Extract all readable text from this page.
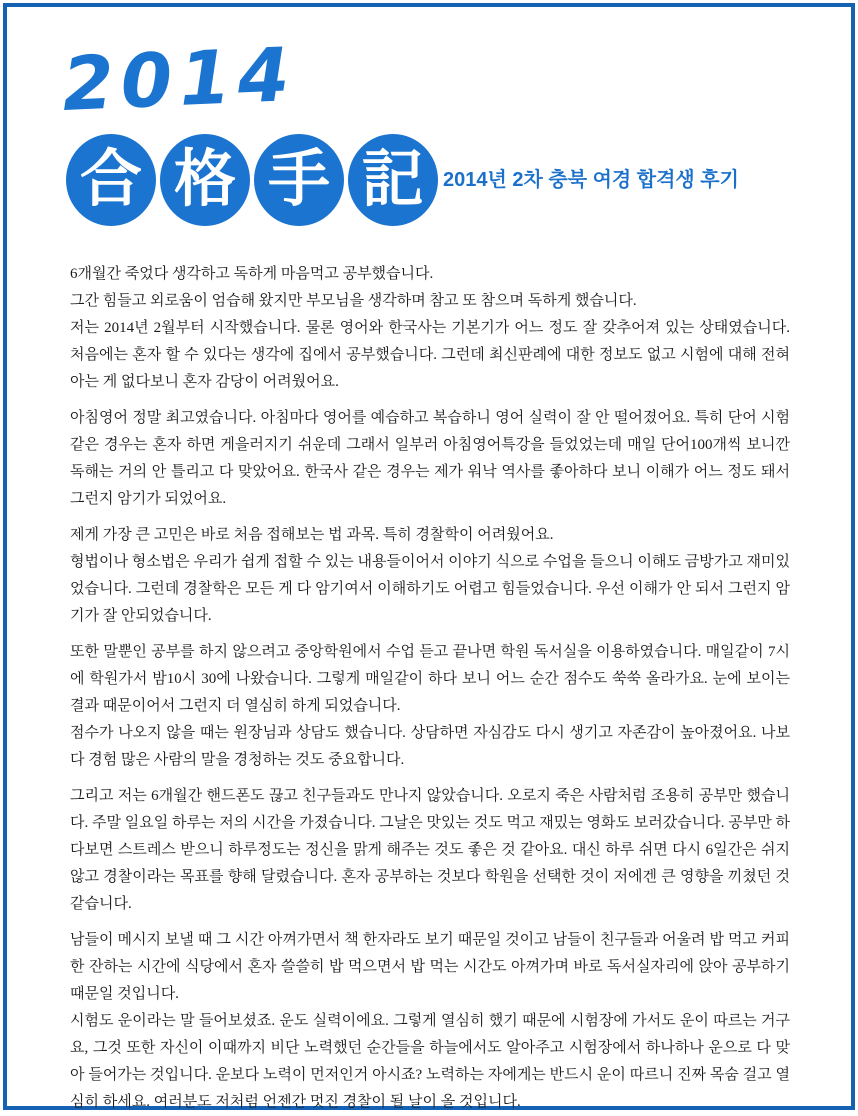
2014
合 格 手 記 2014년 2차 충북 여경 합격생 후기
6개월간 죽었다 생각하고 독하게 마음먹고 공부했습니다.
그간 힘들고 외로움이 엄습해 왔지만 부모님을 생각하며 참고 또 참으며 독하게 했습니다.
저는 2014년 2월부터 시작했습니다. 물론 영어와 한국사는 기본기가 어느 정도 잘 갖추어져 있는 상태였습니다. 처음에는 혼자 할 수 있다는 생각에 집에서 공부했습니다. 그런데 최신판례에 대한 정보도 없고 시험에 대해 전혀 아는 게 없다보니 혼자 감당이 어려웠어요.
아침영어 정말 최고였습니다. 아침마다 영어를 예습하고 복습하니 영어 실력이 잘 안 떨어졌어요. 특히 단어 시험 같은 경우는 혼자 하면 게을러지기 쉬운데 그래서 일부러 아침영어특강을 들었었는데 매일 단어100개씩 보니깐 독해는 거의 안 틀리고 다 맞았어요. 한국사 같은 경우는 제가 워낙 역사를 좋아하다 보니 이해가 어느 정도 돼서 그런지 암기가 되었어요.
제게 가장 큰 고민은 바로 처음 접해보는 법 과목. 특히 경찰학이 어려웠어요.
형법이나 형소법은 우리가 쉽게 접할 수 있는 내용들이어서 이야기 식으로 수업을 들으니 이해도 금방가고 재미있었습니다. 그런데 경찰학은 모든 게 다 암기여서 이해하기도 어렵고 힘들었습니다. 우선 이해가 안 되서 그런지 암기가 잘 안되었습니다.
또한 말뿐인 공부를 하지 않으려고 중앙학원에서 수업 듣고 끝나면 학원 독서실을 이용하였습니다. 매일같이 7시에 학원가서 밤10시 30에 나왔습니다. 그렇게 매일같이 하다 보니 어느 순간 점수도 쑥쑥 올라가요. 눈에 보이는 결과 때문이어서 그런지 더 열심히 하게 되었습니다.
점수가 나오지 않을 때는 원장님과 상담도 했습니다. 상담하면 자심감도 다시 생기고 자존감이 높아졌어요. 나보다 경험 많은 사람의 말을 경청하는 것도 중요합니다.
그리고 저는 6개월간 핸드폰도 끊고 친구들과도 만나지 않았습니다. 오로지 죽은 사람처럼 조용히 공부만 했습니다. 주말 일요일 하루는 저의 시간을 가졌습니다. 그날은 맛있는 것도 먹고 재밌는 영화도 보러갔습니다. 공부만 하다보면 스트레스 받으니 하루정도는 정신을 맑게 해주는 것도 좋은 것 같아요. 대신 하루 쉬면 다시 6일간은 쉬지 않고 경찰이라는 목표를 향해 달렸습니다. 혼자 공부하는 것보다 학원을 선택한 것이 저에겐 큰 영향을 끼쳤던 것 같습니다.
남들이 메시지 보낼 때 그 시간 아껴가면서 책 한자라도 보기 때문일 것이고 남들이 친구들과 어울려 밥 먹고 커피 한 잔하는 시간에 식당에서 혼자 쓸쓸히 밥 먹으면서 밥 먹는 시간도 아껴가며 바로 독서실자리에 앉아 공부하기 때문일 것입니다.
시험도 운이라는 말 들어보셨죠. 운도 실력이에요. 그렇게 열심히 했기 때문에 시험장에 가서도 운이 따르는 거구요, 그것 또한 자신이 이때까지 비단 노력했던 순간들을 하늘에서도 알아주고 시험장에서 하나하나 운으로 다 맞아 들어가는 것입니다. 운보다 노력이 먼저인거 아시죠? 노력하는 자에게는 반드시 운이 따르니 진짜 목숨 걸고 열심히 하세요. 여러분도 저처럼 언젠간 멋진 경찰이 될 날이 올 것입니다.
